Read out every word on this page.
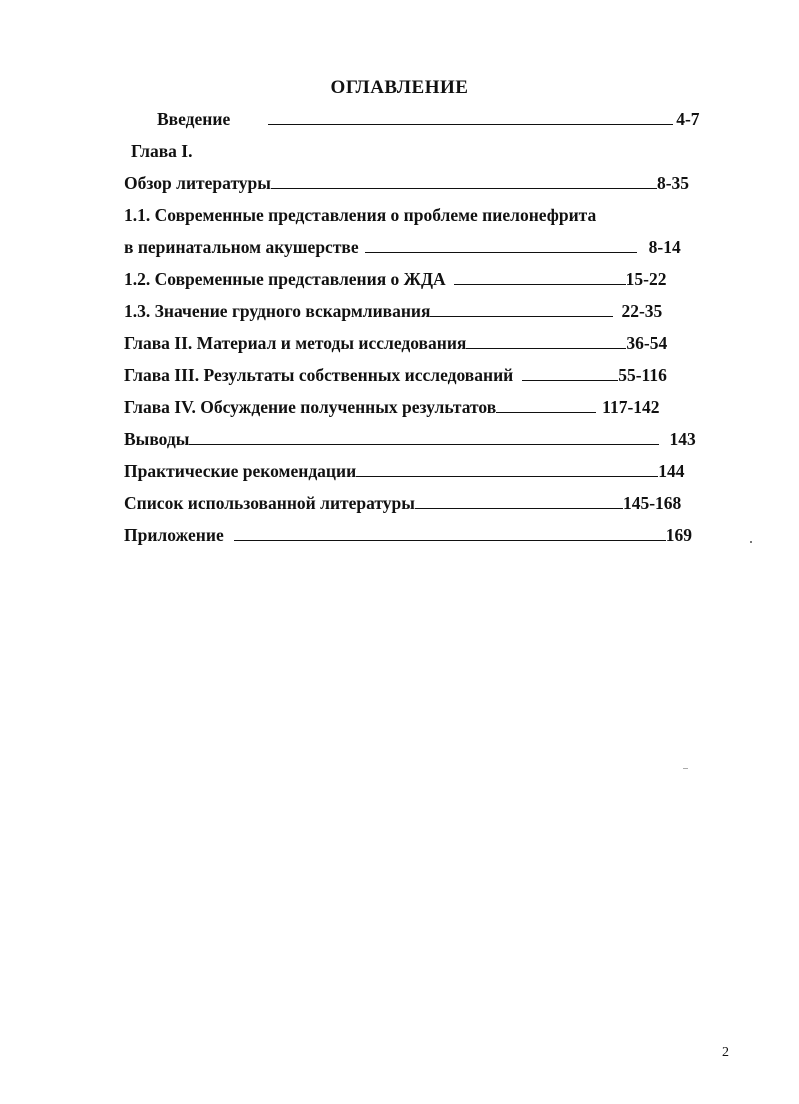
ОГЛАВЛЕНИЕ
Введение	4-7
Глава I.
Обзор литературы	8-35
1.1. Современные представления о проблеме пиелонефрита
в перинатальном акушерстве	8-14
1.2. Современные представления о ЖДА	15-22
1.3. Значение грудного вскармливания	22-35
Глава II. Материал и методы исследования	36-54
Глава III. Результаты собственных исследований	55-116
Глава IV. Обсуждение полученных результатов	117-142
Выводы	143
Практические рекомендации	144
Список использованной литературы	145-168
Приложение	169
2
